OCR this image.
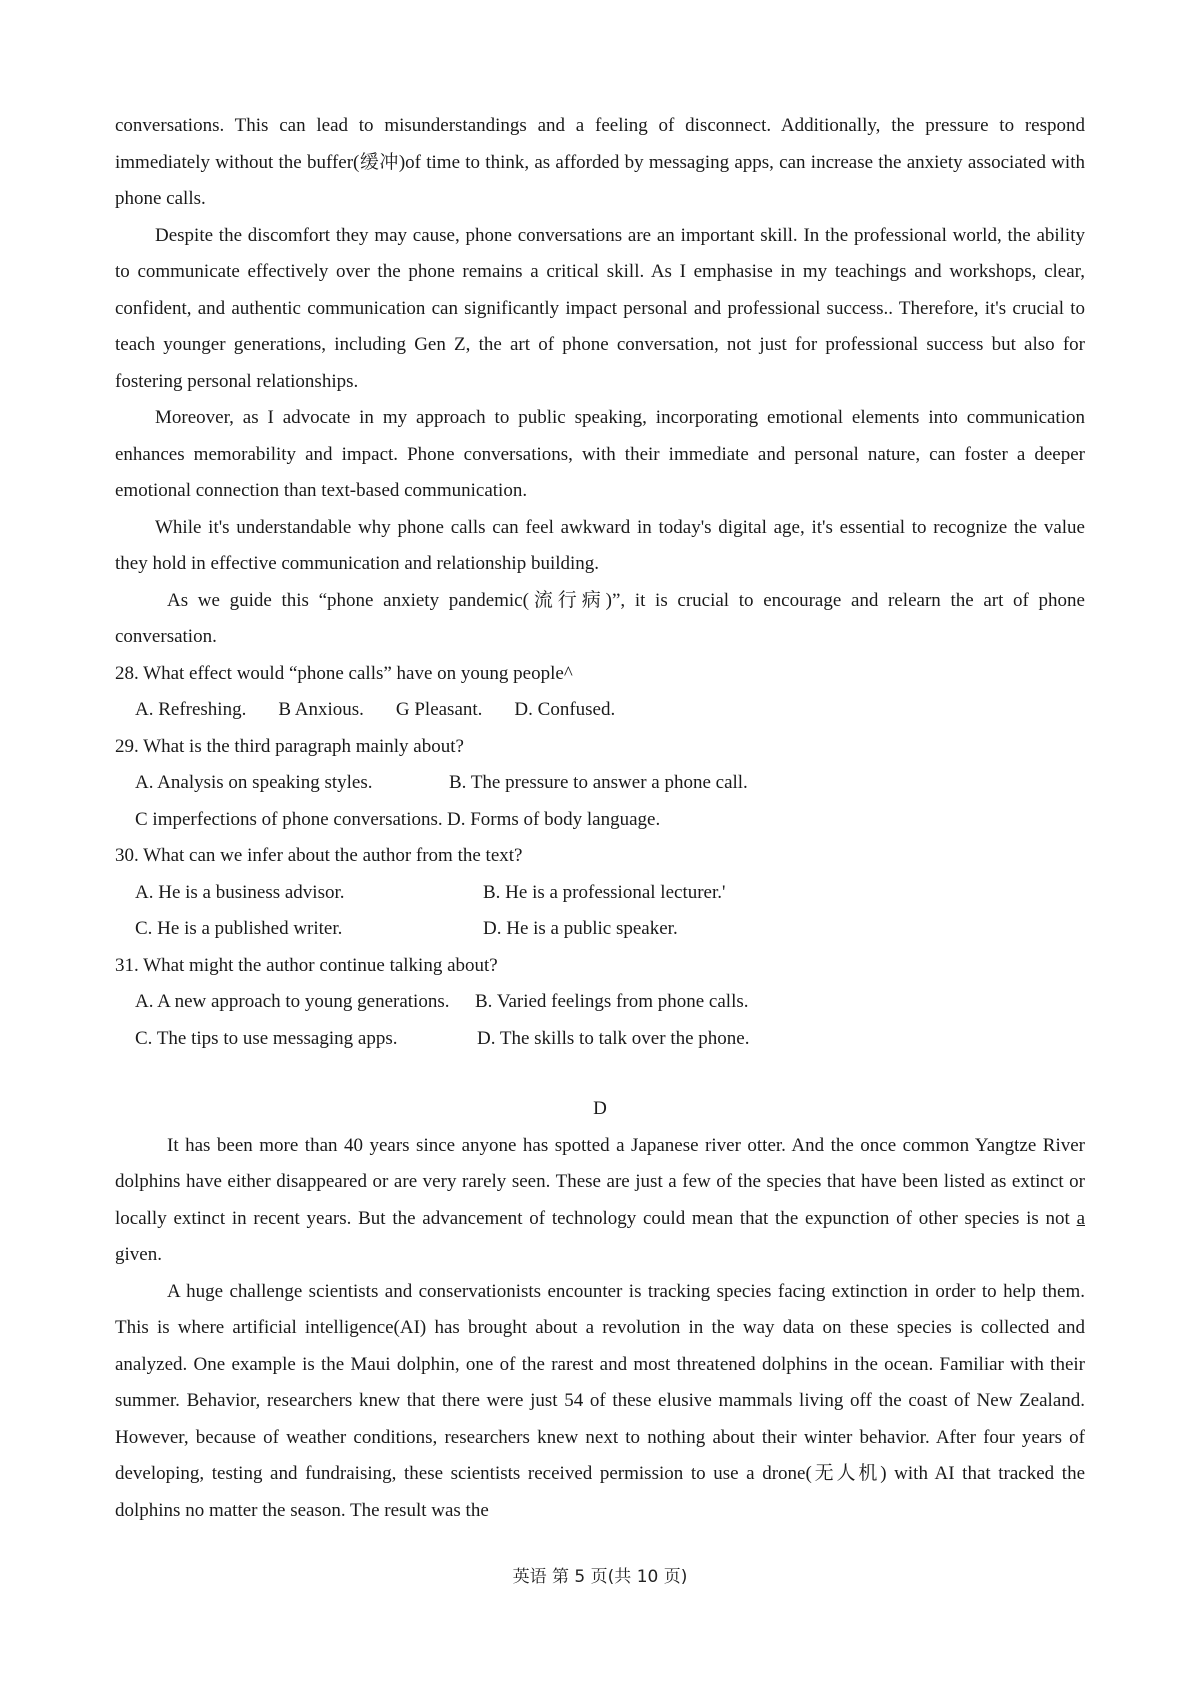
conversations. This can lead to misunderstandings and a feeling of disconnect. Additionally, the pressure to respond immediately without the buffer(缓冲)of time to think, as afforded by messaging apps, can increase the anxiety associated with phone calls.

Despite the discomfort they may cause, phone conversations are an important skill. In the professional world, the ability to communicate effectively over the phone remains a critical skill. As I emphasise in my teachings and workshops, clear, confident, and authentic communication can significantly impact personal and professional success.. Therefore, it's crucial to teach younger generations, including Gen Z, the art of phone conversation, not just for professional success but also for fostering personal relationships.

Moreover, as I advocate in my approach to public speaking, incorporating emotional elements into communication enhances memorability and impact. Phone conversations, with their immediate and personal nature, can foster a deeper emotional connection than text-based communication.

While it's understandable why phone calls can feel awkward in today's digital age, it's essential to recognize the value they hold in effective communication and relationship building.

As we guide this “phone anxiety pandemic(流行病)”, it is crucial to encourage and relearn the art of phone conversation.

28. What effect would “phone calls” have on young people^

A. Refreshing. B Anxious. G Pleasant. D. Confused.

29. What is the third paragraph mainly about?

A. Analysis on speaking styles.	B. The pressure to answer a phone call.
C imperfections of phone conversations. D. Forms of body language.

30. What can we infer about the author from the text?

A. He is a business advisor.	B. He is a professional lecturer.'
C. He is a published writer.	D. He is a public speaker.

31. What might the author continue talking about?

A. A new approach to young generations.	B. Varied feelings from phone calls.
C. The tips to use messaging apps.	D. The skills to talk over the phone.

D

It has been more than 40 years since anyone has spotted a Japanese river otter. And the once common Yangtze River dolphins have either disappeared or are very rarely seen. These are just a few of the species that have been listed as extinct or locally extinct in recent years. But the advancement of technology could mean that the expunction of other species is not a given.

A huge challenge scientists and conservationists encounter is tracking species facing extinction in order to help them. This is where artificial intelligence(AI) has brought about a revolution in the way data on these species is collected and analyzed. One example is the Maui dolphin, one of the rarest and most threatened dolphins in the ocean. Familiar with their summer. Behavior, researchers knew that there were just 54 of these elusive mammals living off the coast of New Zealand. However, because of weather conditions, researchers knew next to nothing about their winter behavior. After four years of developing, testing and fundraising, these scientists received permission to use a drone(无人机) with AI that tracked the dolphins no matter the season. The result was the

英语 第 5 页(共 10 页)
